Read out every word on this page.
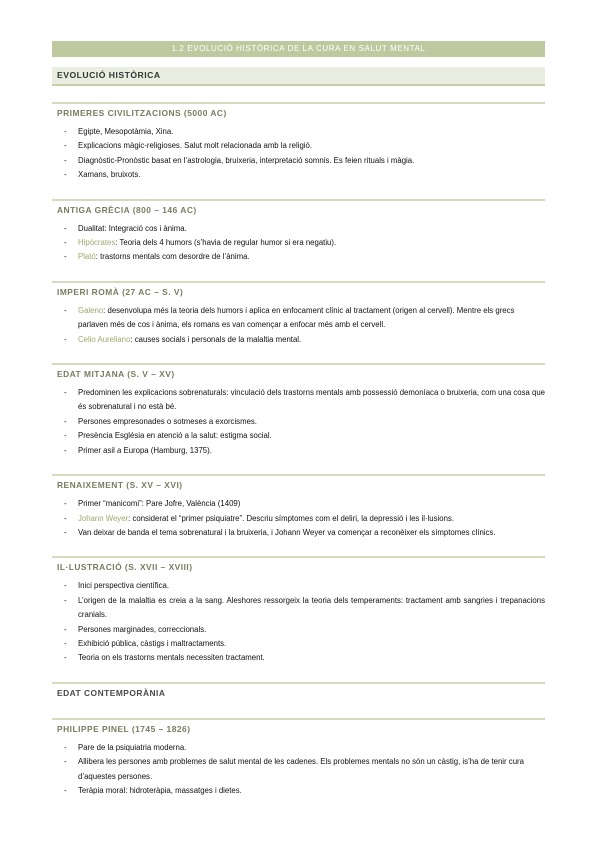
1.2 EVOLUCIÓ HISTÒRICA DE LA CURA EN SALUT MENTAL
EVOLUCIÓ HISTÒRICA
PRIMERES CIVILITZACIONS (5000 AC)
- Egipte, Mesopotàmia, Xina.
- Explicacions màgic-religioses. Salut molt relacionada amb la religió.
- Diagnòstic-Pronòstic basat en l’astrologia, bruixeria, interpretació somnis. Es feien rituals i màgia.
- Xamans, bruixots.
ANTIGA GRÈCIA (800 – 146 AC)
- Dualitat: Integració cos i ànima.
- Hipòcrates: Teoria dels 4 humors (s’havia de regular humor si era negatiu).
- Plató: trastorns mentals com desordre de l’ànima.
IMPERI ROMÀ (27 AC – S. V)
- Galeno: desenvolupa més la teoria dels humors i aplica en enfocament clínic al tractament (origen al cervell). Mentre els grecs parlaven més de cos i ànima, els romans es van començar a enfocar més amb el cervell.
- Celio Aureliano: causes socials i personals de la malaltia mental.
EDAT MITJANA (S. V – XV)
- Predominen les explicacions sobrenaturals: vinculació dels trastorns mentals amb possessió demoníaca o bruixeria, com una cosa que és sobrenatural i no està bé.
- Persones empresonades o sotmeses a exorcismes.
- Presència Església en atenció a la salut: estigma social.
- Primer asil a Europa (Hamburg, 1375).
RENAIXEMENT (S. XV – XVI)
- Primer “manicomi”: Pare Jofre, València (1409)
- Johann Weyer: considerat el “primer psiquiatre”. Descriu símptomes com el deliri, la depressió i les il·lusions.
- Van deixar de banda el tema sobrenatural i la bruixeria, i Johann Weyer va començar a reconèixer els símptomes clínics.
IL·LUSTRACIÓ (S. XVII – XVIII)
- Inici perspectiva científica.
- L’origen de la malaltia es creia a la sang. Aleshores ressorgeix la teoria dels temperaments: tractament amb sangries i trepanacions cranials.
- Persones marginades, correccionals.
- Exhibició pública, càstigs i maltractaments.
- Teoria on els trastorns mentals necessiten tractament.
EDAT CONTEMPORÀNIA
PHILIPPE PINEL (1745 – 1826)
- Pare de la psiquiatria moderna.
- Allibera les persones amb problemes de salut mental de les cadenes. Els problemes mentals no són un càstig, is’ha de tenir cura d’aquestes persones.
- Teràpia moral: hidroteràpia, massatges i dietes.
